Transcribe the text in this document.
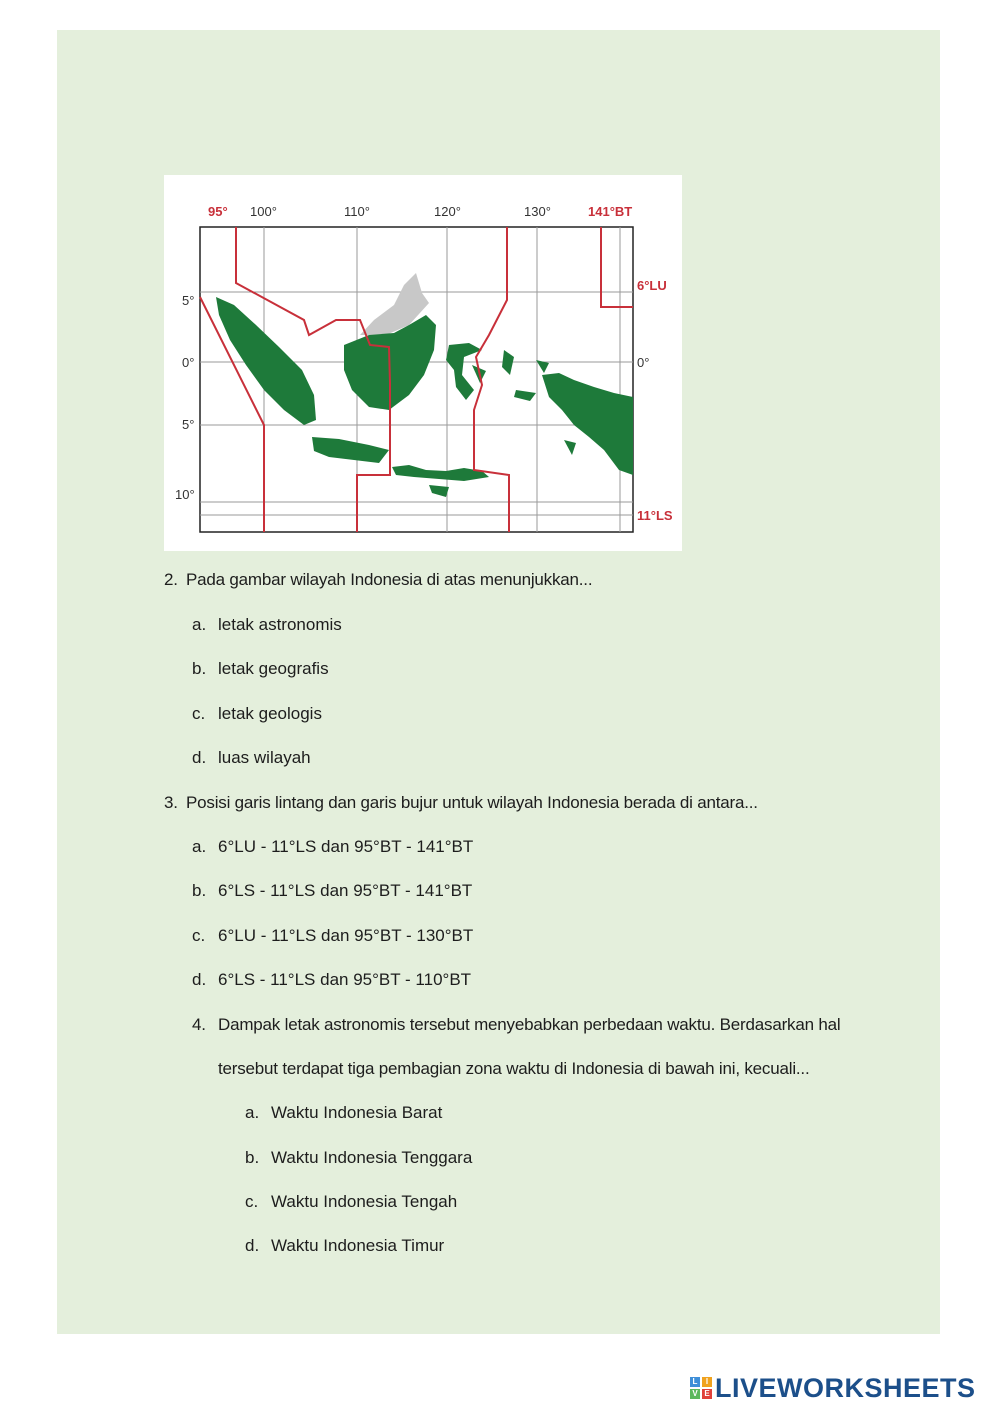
95° 100°	110°	120°	130°	141°BT
5°
0°
5°
10°
6°LU
0°
11°LS
2. Pada gambar wilayah Indonesia di atas menunjukkan...
a. letak astronomis
b. letak geografis
c. letak geologis
d. luas wilayah
3. Posisi garis lintang dan garis bujur untuk wilayah Indonesia berada di antara...
a. 6°LU - 11°LS dan 95°BT - 141°BT
b. 6°LS - 11°LS dan 95°BT - 141°BT
c. 6°LU - 11°LS dan 95°BT - 130°BT
d. 6°LS - 11°LS dan 95°BT - 110°BT
4. Dampak letak astronomis tersebut menyebabkan perbedaan waktu. Berdasarkan hal
tersebut terdapat tiga pembagian zona waktu di Indonesia di bawah ini, kecuali...
a. Waktu Indonesia Barat
b. Waktu Indonesia Tenggara
c. Waktu Indonesia Tengah
d. Waktu Indonesia Timur
L	I
V E LIVEWORKSHEETS
